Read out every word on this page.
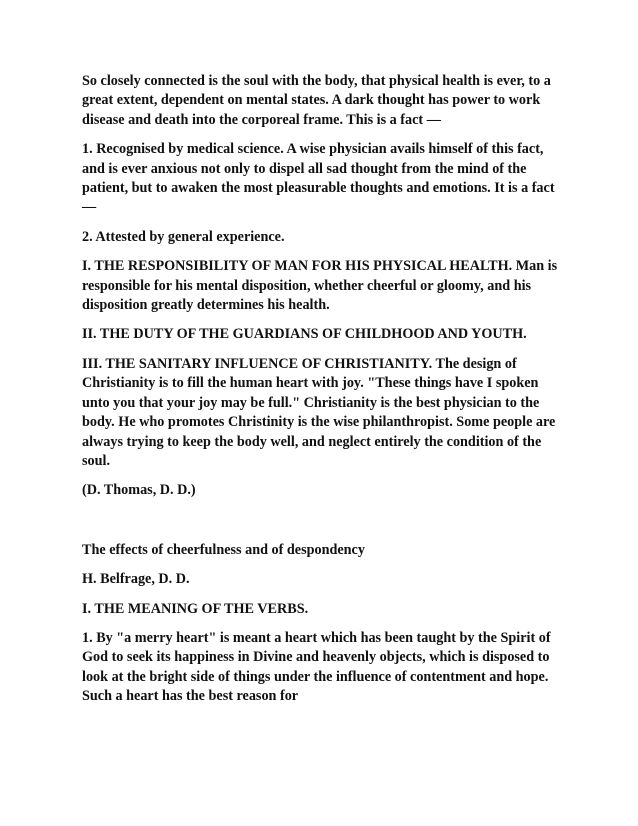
So closely connected is the soul with the body, that physical health is ever, to a great extent, dependent on mental states. A dark thought has power to work disease and death into the corporeal frame. This is a fact —

1. Recognised by medical science. A wise physician avails himself of this fact, and is ever anxious not only to dispel all sad thought from the mind of the patient, but to awaken the most pleasurable thoughts and emotions. It is a fact —

2. Attested by general experience.

I. THE RESPONSIBILITY OF MAN FOR HIS PHYSICAL HEALTH. Man is responsible for his mental disposition, whether cheerful or gloomy, and his disposition greatly determines his health.

II. THE DUTY OF THE GUARDIANS OF CHILDHOOD AND YOUTH.

III. THE SANITARY INFLUENCE OF CHRISTIANITY. The design of Christianity is to fill the human heart with joy. "These things have I spoken unto you that your joy may be full." Christianity is the best physician to the body. He who promotes Christinity is the wise philanthropist. Some people are always trying to keep the body well, and neglect entirely the condition of the soul.

(D. Thomas, D. D.)

The effects of cheerfulness and of despondency

H. Belfrage, D. D.

I. THE MEANING OF THE VERBS.

1. By "a merry heart" is meant a heart which has been taught by the Spirit of God to seek its happiness in Divine and heavenly objects, which is disposed to look at the bright side of things under the influence of contentment and hope. Such a heart has the best reason for
